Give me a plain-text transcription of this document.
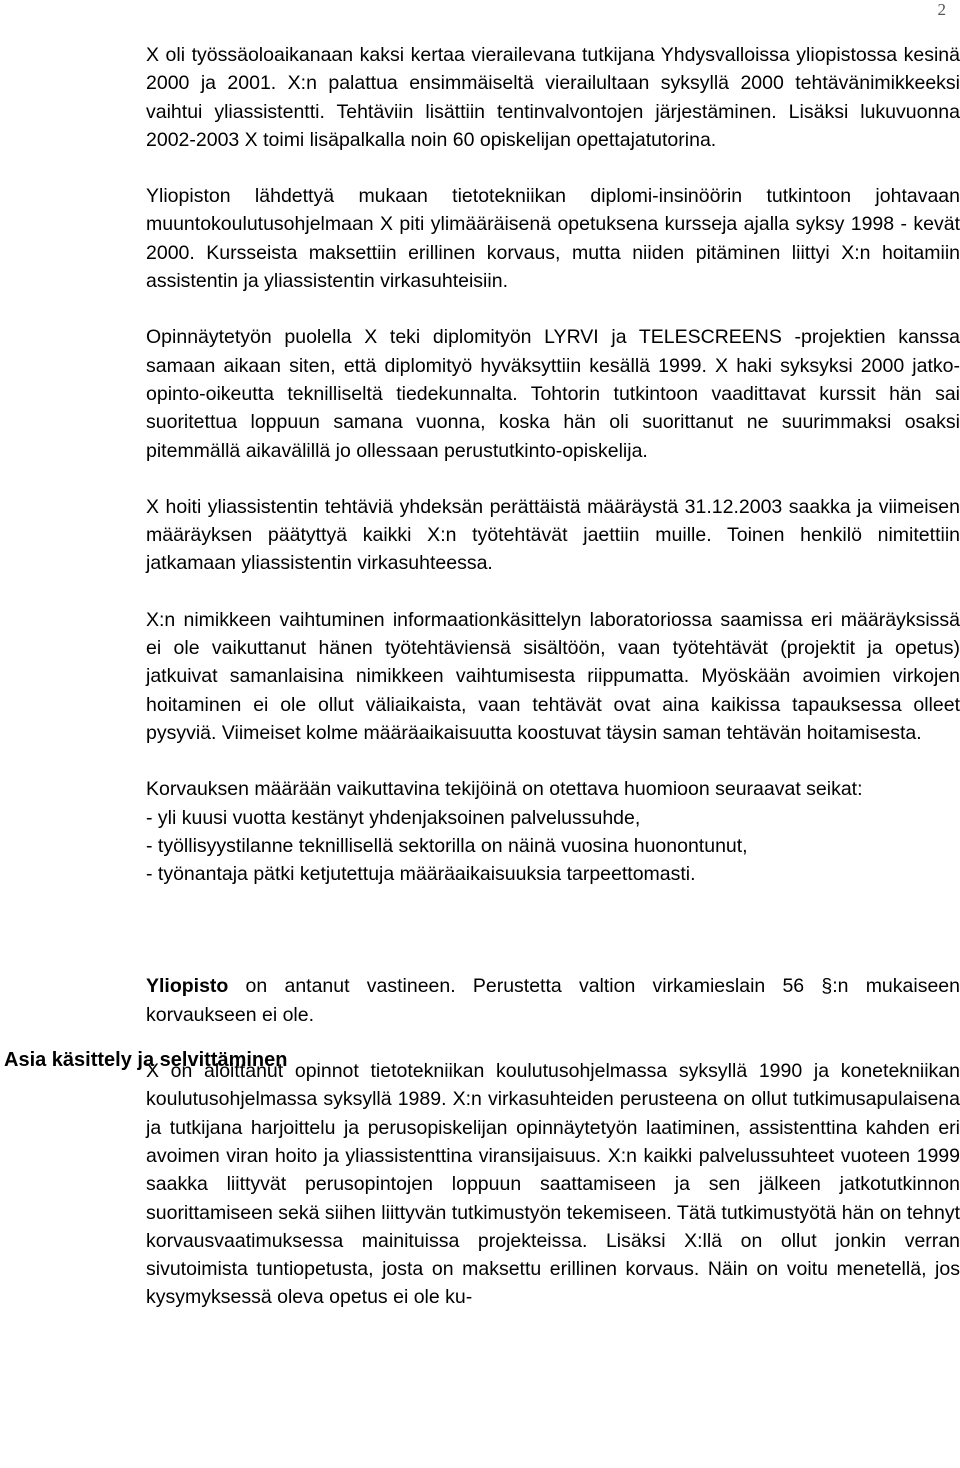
2
Asia käsittely ja selvittäminen

X oli työssäoloaikanaan kaksi kertaa vierailevana tutkijana Yhdysvalloissa yliopistossa kesinä 2000 ja 2001. X:n palattua ensimmäiseltä vierailultaan syksyllä 2000 tehtävänimikkeeksi vaihtui yliassistentti. Tehtäviin lisättiin tentinvalvontojen järjestäminen. Lisäksi lukuvuonna 2002-2003 X toimi lisäpalkalla noin 60 opiskelijan opettajatutorina.

Yliopiston lähdettyä mukaan tietotekniikan diplomi-insinöörin tutkintoon johtavaan muuntokoulutusohjelmaan X piti ylimääräisenä opetuksena kursseja ajalla syksy 1998 - kevät 2000. Kursseista maksettiin erillinen korvaus, mutta niiden pitäminen liittyi X:n hoitamiin assistentin ja yliassistentin virkasuhteisiin.

Opinnäytetyön puolella X teki diplomityön LYRVI ja TELESCREENS -projektien kanssa samaan aikaan siten, että diplomityö hyväksyttiin kesällä 1999. X haki syksyksi 2000 jatko-opinto-oikeutta teknilliseltä tiedekunnalta. Tohtorin tutkintoon vaadittavat kurssit hän sai suoritettua loppuun samana vuonna, koska hän oli suorittanut ne suurimmaksi osaksi pitemmällä aikavälillä jo ollessaan perustutkinto-opiskelija.

X hoiti yliassistentin tehtäviä yhdeksän perättäistä määräystä 31.12.2003 saakka ja viimeisen määräyksen päätyttyä kaikki X:n työtehtävät jaettiin muille. Toinen henkilö nimitettiin jatkamaan yliassistentin virkasuhteessa.

X:n nimikkeen vaihtuminen informaationkäsittelyn laboratoriossa saamissa eri määräyksissä ei ole vaikuttanut hänen työtehtäviensä sisältöön, vaan työtehtävät (projektit ja opetus) jatkuivat samanlaisina nimikkeen vaihtumisesta riippumatta. Myöskään avoimien virkojen hoitaminen ei ole ollut väliaikaista, vaan tehtävät ovat aina kaikissa tapauksessa olleet pysyviä. Viimeiset kolme määräaikaisuutta koostuvat täysin saman tehtävän hoitamisesta.

Korvauksen määrään vaikuttavina tekijöinä on otettava huomioon seuraavat seikat:

- yli kuusi vuotta kestänyt yhdenjaksoinen palvelussuhde,
- työllisyystilanne teknillisellä sektorilla on näinä vuosina huonontunut,
- työnantaja pätki ketjutettuja määräaikaisuuksia tarpeettomasti.

Yliopisto on antanut vastineen. Perustetta valtion virkamieslain 56 §:n mukaiseen korvaukseen ei ole.

X on aloittanut opinnot tietotekniikan koulutusohjelmassa syksyllä 1990 ja konetekniikan koulutusohjelmassa syksyllä 1989. X:n virkasuhteiden perusteena on ollut tutkimusapulaisena ja tutkijana harjoittelu ja perusopiskelijan opinnäytetyön laatiminen, assistenttina kahden eri avoimen viran hoito ja yliassistenttina viransijaisuus. X:n kaikki palvelussuhteet vuoteen 1999 saakka liittyvät perusopintojen loppuun saattamiseen ja sen jälkeen jatkotutkinnon suorittamiseen sekä siihen liittyvän tutkimustyön tekemiseen. Tätä tutkimustyötä hän on tehnyt korvausvaatimuksessa mainituissa projekteissa. Lisäksi X:llä on ollut jonkin verran sivutoimista tuntiopetusta, josta on maksettu erillinen korvaus. Näin on voitu menetellä, jos kysymyksessä oleva opetus ei ole ku-
